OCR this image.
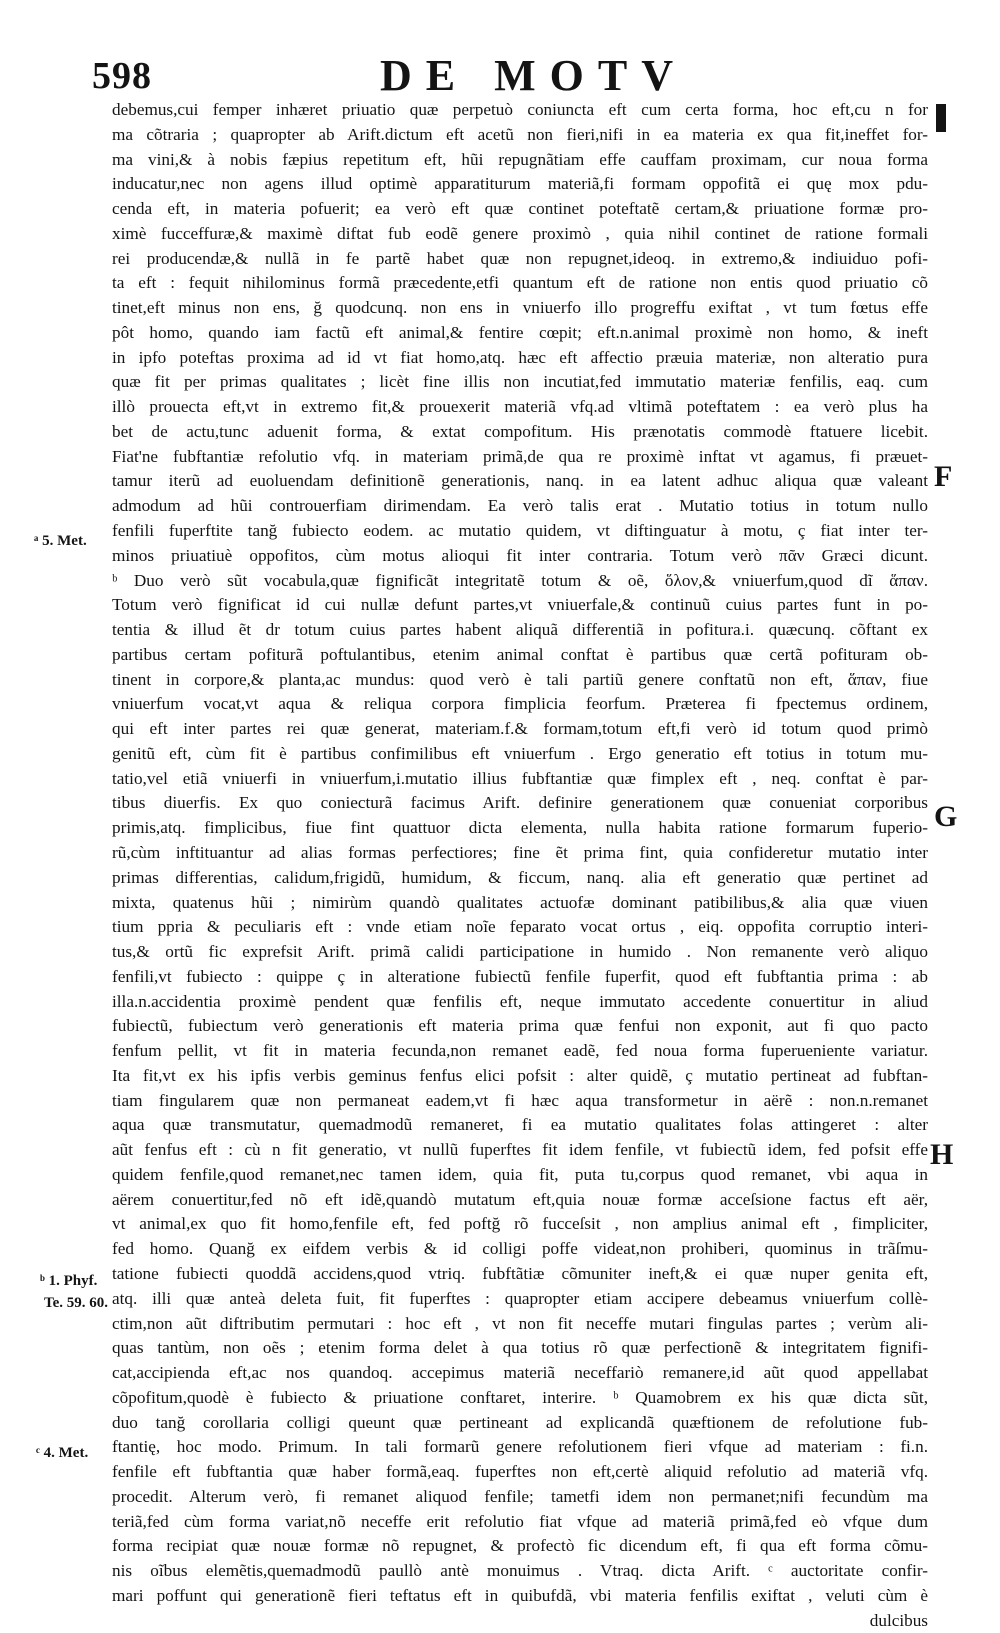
598	DE MOTV
debemus,cui femper inhæret priuatio quæ perpetuò coniuncta eft cum certa forma, hoc eft,cu n for
ma cõtraria ; quapropter ab Arift.dictum eft acetũ non fieri,nifi in ea materia ex qua fit,ineffet for-
ma vini,& à nobis fæpius repetitum eft, hũi repugnãtiam effe cauffam proximam, cur noua forma
inducatur,nec non agens illud optimè apparatiturum materiã,fi formam oppofitã ei quę mox pdu-
cenda eft, in materia pofuerit; ea verò eft quæ continet poteftatẽ certam,& priuatione formæ pro-
ximè fucceffuræ,& maximè diftat fub eodẽ genere proximò , quia nihil continet de ratione formali
rei producendæ,& nullã in fe partẽ habet quæ non repugnet,ideoq. in extremo,& indiuiduo pofi-
ta eft : fequit nihilominus formã præcedente,etfi quantum eft de ratione non entis quod priuatio cõ
tinet,eft minus non ens, ğ quodcunq. non ens in vniuerfo illo progreffu exiftat , vt tum fœtus effe
pôt homo, quando iam factũ eft animal,& fentire cœpit; eft.n.animal proximè non homo, & ineft
in ipfo poteftas proxima ad id vt fiat homo,atq. hæc eft affectio præuia materiæ, non alteratio pura
quæ fit per primas qualitates ; licèt fine illis non incutiat,fed immutatio materiæ fenfilis, eaq. cum
illò prouecta eft,vt in extremo fit,& prouexerit materiã vfq.ad vltimã poteftatem : ea verò plus ha
bet de actu,tunc aduenit forma, & extat compofitum. His prænotatis commodè ftatuere licebit.
Fiat'ne fubftantiæ refolutio vfq. in materiam primã,de qua re proximè inftat vt agamus, fi præuet-
tamur iterũ ad euoluendam definitionẽ generationis, nanq. in ea latent adhuc aliqua quæ valeant
admodum ad hũi controuerfiam dirimendam. Ea verò talis erat . Mutatio totius in totum nullo
fenfili fuperftite tanğ fubiecto eodem. ac mutatio quidem, vt diftinguatur à motu, ç fiat inter ter-
minos priuatiuè oppofitos, cùm motus alioqui fit inter contraria. Totum verò πᾶν Græci dicunt.
ᵇ Duo verò sũt vocabula,quæ fignificãt integritatẽ totum & oẽ, ὅλον,& vniuerfum,quod dĩ ἅπαν.
Totum verò fignificat id cui nullæ defunt partes,vt vniuerfale,& continuũ cuius partes funt in po-
tentia & illud ẽt dr totum cuius partes habent aliquã differentiã in pofitura.i. quæcunq. cõftant ex
partibus certam pofiturã poftulantibus, etenim animal conftat è partibus quæ certã pofituram ob-
tinent in corpore,& planta,ac mundus: quod verò è tali partiũ genere conftatũ non eft, ἅπαν, fiue
vniuerfum vocat,vt aqua & reliqua corpora fimplicia feorfum. Præterea fi fpectemus ordinem,
qui eft inter partes rei quæ generat, materiam.f.& formam,totum eft,fi verò id totum quod primò
genitũ eft, cùm fit è partibus confimilibus eft vniuerfum . Ergo generatio eft totius in totum mu-
tatio,vel etiã vniuerfi in vniuerfum,i.mutatio illius fubftantiæ quæ fimplex eft , neq. conftat è par-
tibus diuerfis. Ex quo coniecturã facimus Arift. definire generationem quæ conueniat corporibus
primis,atq. fimplicibus, fiue fint quattuor dicta elementa, nulla habita ratione formarum fuperio-
rũ,cùm inftituantur ad alias formas perfectiores; fine ẽt prima fint, quia confideretur mutatio inter
primas differentias, calidum,frigidũ, humidum, & ficcum, nanq. alia eft generatio quæ pertinet ad
mixta, quatenus hũi ; nimirùm quandò qualitates actuofæ dominant patibilibus,& alia quæ viuen
tium ppria & peculiaris eft : vnde etiam noĩe feparato vocat ortus , eiq. oppofita corruptio interi-
tus,& ortũ fic exprefsit Arift. primã calidi participatione in humido . Non remanente verò aliquo
fenfili,vt fubiecto : quippe ç in alteratione fubiectũ fenfile fuperfit, quod eft fubftantia prima : ab
illa.n.accidentia proximè pendent quæ fenfilis eft, neque immutato accedente conuertitur in aliud
fubiectũ, fubiectum verò generationis eft materia prima quæ fenfui non exponit, aut fi quo pacto
fenfum pellit, vt fit in materia fecunda,non remanet eadẽ, fed noua forma fuperueniente variatur.
Ita fit,vt ex his ipfis verbis geminus fenfus elici pofsit : alter quidẽ, ç mutatio pertineat ad fubftan-
tiam fingularem quæ non permaneat eadem,vt fi hæc aqua transformetur in aërẽ : non.n.remanet
aqua quæ transmutatur, quemadmodũ remaneret, fi ea mutatio qualitates folas attingeret : alter
aũt fenfus eft : cù n fit generatio, vt nullũ fuperftes fit idem fenfile, vt fubiectũ idem, fed pofsit effe
quidem fenfile,quod remanet,nec tamen idem, quia fit, puta tu,corpus quod remanet, vbi aqua in
aërem conuertitur,fed nõ eft idẽ,quandò mutatum eft,quia nouæ formæ acceſsione factus eft aër,
vt animal,ex quo fit homo,fenfile eft, fed poftğ rõ fucceſsit , non amplius animal eft , fimpliciter,
fed homo. Quanğ ex eifdem verbis & id colligi poffe videat,non prohiberi, quominus in trãſmu-
tatione fubiecti quoddã accidens,quod vtriq. fubftãtiæ cõmuniter ineft,& ei quæ nuper genita eft,
atq. illi quæ anteà deleta fuit, fit fuperftes : quapropter etiam accipere debeamus vniuerfum collè-
ctim,non aũt diftributim permutari : hoc eft , vt non fit neceffe mutari fingulas partes ; verùm ali-
quas tantùm, non oẽs ; etenim forma delet à qua totius rõ quæ perfectionẽ & integritatem fignifi-
cat,accipienda eft,ac nos quandoq. accepimus materiã neceffariò remanere,id aũt quod appellabat
cõpofitum,quodè è fubiecto & priuatione conftaret, interire. ᵇ Quamobrem ex his quæ dicta sũt,
duo tanğ corollaria colligi queunt quæ pertineant ad explicandã quæftionem de refolutione fub-
ftantię, hoc modo. Primum. In tali formarũ genere refolutionem fieri vfque ad materiam : fi.n.
fenfile eft fubftantia quæ haber formã,eaq. fuperftes non eft,certè aliquid refolutio ad materiã vfq.
procedit. Alterum verò, fi remanet aliquod fenfile; tametfi idem non permanet;nifi fecundùm ma
teriã,fed cùm forma variat,nõ neceffe erit refolutio fiat vfque ad materiã primã,fed eò vfque dum
forma recipiat quæ nouæ formæ nõ repugnet, & profectò fic dicendum eft, fi qua eft forma cõmu-
nis oĩbus elemẽtis,quemadmodũ paullò antè monuimus . Vtraq. dicta Arift. ᶜ auctoritate confir-
mari poffunt qui generationẽ fieri teftatus eft in quibufdã, vbi materia fenfilis exiftat , veluti cùm è
dulcibus
ᵃ 5. Met.
ᵇ 1. Phyf.
Te. 59. 60.
ᶜ 4. Met.
F
G
H
